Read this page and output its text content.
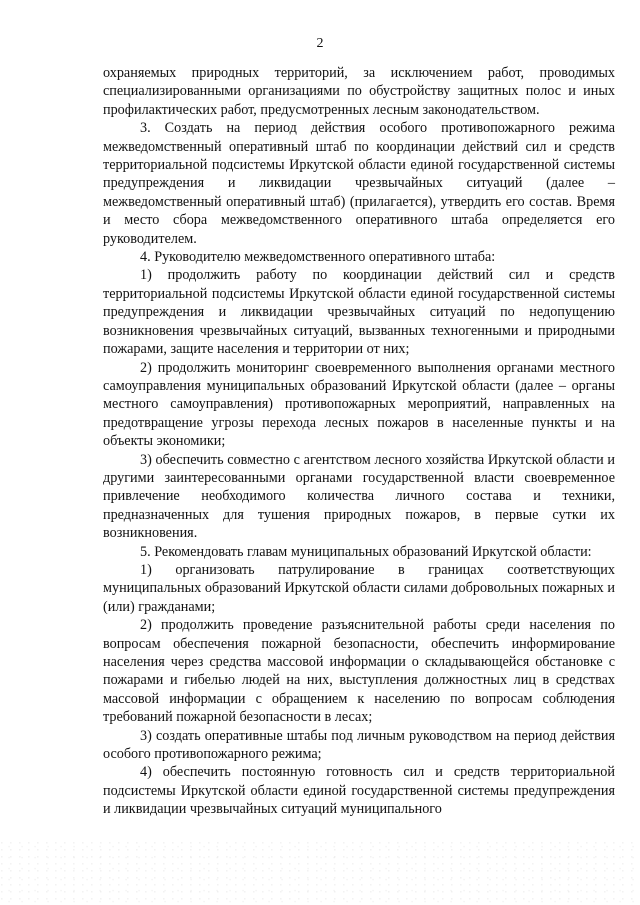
2

охраняемых природных территорий, за исключением работ, проводимых специализированными организациями по обустройству защитных полос и иных профилактических работ, предусмотренных лесным законодательством.

3. Создать на период действия особого противопожарного режима межведомственный оперативный штаб по координации действий сил и средств территориальной подсистемы Иркутской области единой государственной системы предупреждения и ликвидации чрезвычайных ситуаций (далее – межведомственный оперативный штаб) (прилагается), утвердить его состав. Время и место сбора межведомственного оперативного штаба определяется его руководителем.

4. Руководителю межведомственного оперативного штаба:

1) продолжить работу по координации действий сил и средств территориальной подсистемы Иркутской области единой государственной системы предупреждения и ликвидации чрезвычайных ситуаций по недопущению возникновения чрезвычайных ситуаций, вызванных техногенными и природными пожарами, защите населения и территории от них;

2) продолжить мониторинг своевременного выполнения органами местного самоуправления муниципальных образований Иркутской области (далее – органы местного самоуправления) противопожарных мероприятий, направленных на предотвращение угрозы перехода лесных пожаров в населенные пункты и на объекты экономики;

3) обеспечить совместно с агентством лесного хозяйства Иркутской области и другими заинтересованными органами государственной власти своевременное привлечение необходимого количества личного состава и техники, предназначенных для тушения природных пожаров, в первые сутки их возникновения.

5. Рекомендовать главам муниципальных образований Иркутской области:

1) организовать патрулирование в границах соответствующих муниципальных образований Иркутской области силами добровольных пожарных и (или) гражданами;

2) продолжить проведение разъяснительной работы среди населения по вопросам обеспечения пожарной безопасности, обеспечить информирование населения через средства массовой информации о складывающейся обстановке с пожарами и гибелью людей на них, выступления должностных лиц в средствах массовой информации с обращением к населению по вопросам соблюдения требований пожарной безопасности в лесах;

3) создать оперативные штабы под личным руководством на период действия особого противопожарного режима;

4) обеспечить постоянную готовность сил и средств территориальной подсистемы Иркутской области единой государственной системы предупреждения и ликвидации чрезвычайных ситуаций муниципального
